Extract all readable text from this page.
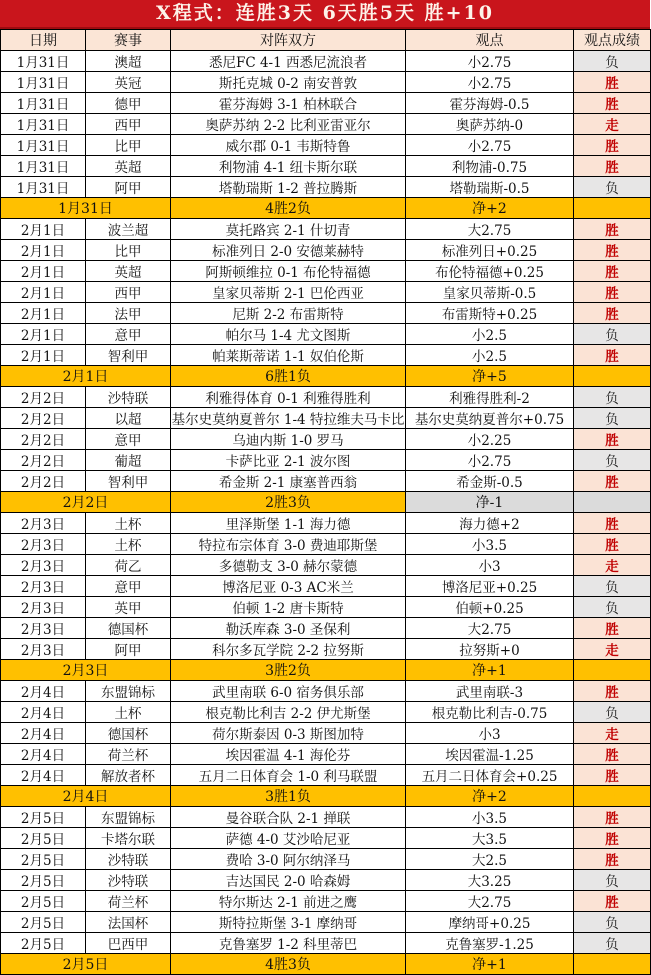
X程式：连胜3天 6天胜5天 胜+10
日期	赛事	对阵双方	观点	观点成绩
1月31日	澳超	悉尼FC 4-1 西悉尼流浪者	小2.75	负
1月31日	英冠	斯托克城 0-2 南安普敦	小2.75	胜
1月31日	德甲	霍芬海姆 3-1 柏林联合	霍芬海姆-0.5	胜
1月31日	西甲	奥萨苏纳 2-2 比利亚雷亚尔	奥萨苏纳-0	走
1月31日	比甲	威尔郡 0-1 韦斯特鲁	小2.75	胜
1月31日	英超	利物浦 4-1 纽卡斯尔联	利物浦-0.75	胜
1月31日	阿甲	塔勒瑞斯 1-2 普拉腾斯	塔勒瑞斯-0.5	负
1月31日		4胜2负	净+2	
2月1日	波兰超	莫托路宾 2-1 什切青	大2.75	胜
2月1日	比甲	标准列日 2-0 安德莱赫特	标准列日+0.25	胜
2月1日	英超	阿斯顿维拉 0-1 布伦特福德	布伦特福德+0.25	胜
2月1日	西甲	皇家贝蒂斯 2-1 巴伦西亚	皇家贝蒂斯-0.5	胜
2月1日	法甲	尼斯 2-2 布雷斯特	布雷斯特+0.25	胜
2月1日	意甲	帕尔马 1-4 尤文图斯	小2.5	负
2月1日	智利甲	帕莱斯蒂诺 1-1 奴伯伦斯	小2.5	胜
2月1日		6胜1负	净+5	
2月2日	沙特联	利雅得体育 0-1 利雅得胜利	利雅得胜利-2	负
2月2日	以超	基尔史莫纳夏普尔 1-4 特拉维夫马卡比	基尔史莫纳夏普尔+0.75	负
2月2日	意甲	乌迪内斯 1-0 罗马	小2.25	胜
2月2日	葡超	卡萨比亚 2-1 波尔图	小2.75	负
2月2日	智利甲	希金斯 2-1 康塞普西翁	希金斯-0.5	胜
2月2日		2胜3负	净-1	
2月3日	土杯	里泽斯堡 1-1 海力德	海力德+2	胜
2月3日	土杯	特拉布宗体育 3-0 费迪耶斯堡	小3.5	胜
2月3日	荷乙	多德勒支 3-0 赫尔蒙德	小3	走
2月3日	意甲	博洛尼亚 0-3 AC米兰	博洛尼亚+0.25	负
2月3日	英甲	伯顿 1-2 唐卡斯特	伯顿+0.25	负
2月3日	德国杯	勒沃库森 3-0 圣保利	大2.75	胜
2月3日	阿甲	科尔多瓦学院 2-2 拉努斯	拉努斯+0	走
2月3日		3胜2负	净+1	
2月4日	东盟锦标	武里南联 6-0 宿务俱乐部	武里南联-3	胜
2月4日	土杯	根克勒比利吉 2-2 伊尤斯堡	根克勒比利吉-0.75	负
2月4日	德国杯	荷尔斯泰因 0-3 斯图加特	小3	走
2月4日	荷兰杯	埃因霍温 4-1 海伦芬	埃因霍温-1.25	胜
2月4日	解放者杯	五月二日体育会 1-0 利马联盟	五月二日体育会+0.25	胜
2月4日		3胜1负	净+2	
2月5日	东盟锦标	曼谷联合队 2-1 掸联	小3.5	胜
2月5日	卡塔尔联	萨德 4-0 艾沙哈尼亚	大3.5	胜
2月5日	沙特联	费哈 3-0 阿尔纳泽马	大2.5	胜
2月5日	沙特联	吉达国民 2-0 哈森姆	大3.25	负
2月5日	荷兰杯	特尔斯达 2-1 前进之鹰	大2.75	胜
2月5日	法国杯	斯特拉斯堡 3-1 摩纳哥	摩纳哥+0.25	负
2月5日	巴西甲	克鲁塞罗 1-2 科里蒂巴	克鲁塞罗-1.25	负
2月5日		4胜3负	净+1	
